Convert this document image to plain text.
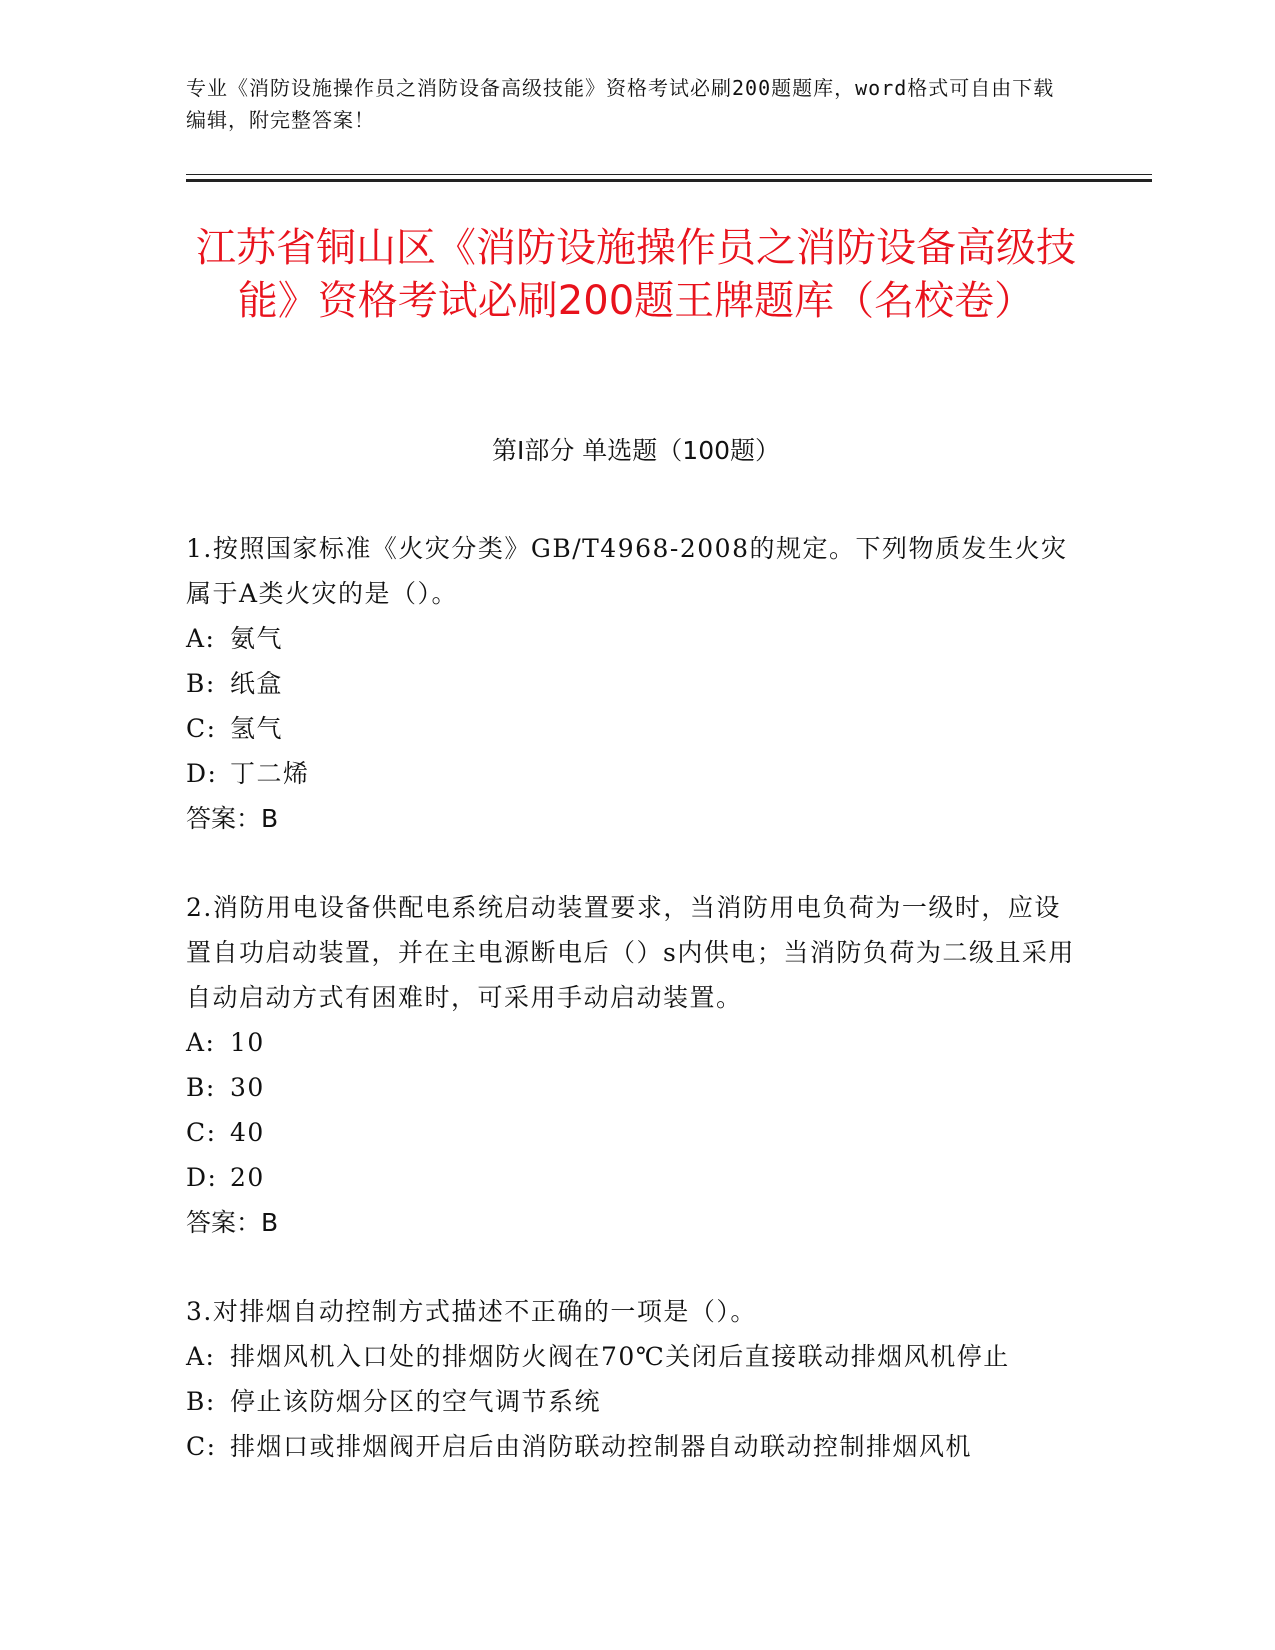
专业《消防设施操作员之消防设备高级技能》资格考试必刷200题题库，word格式可自由下载编辑，附完整答案！
江苏省铜山区《消防设施操作员之消防设备高级技能》资格考试必刷200题王牌题库（名校卷）
第I部分 单选题（100题）

1.按照国家标准《火灾分类》GB/T4968-2008的规定。下列物质发生火灾属于A类火灾的是（）。

A: 氨气
B: 纸盒
C: 氢气
D: 丁二烯
答案：B

2.消防用电设备供配电系统启动装置要求，当消防用电负荷为一级时，应设置自功启动装置，并在主电源断电后（）s内供电；当消防负荷为二级且采用自动启动方式有困难时，可采用手动启动装置。

A: 10
B: 30
C: 40
D: 20
答案：B

3.对排烟自动控制方式描述不正确的一项是（）。

A: 排烟风机入口处的排烟防火阀在70℃关闭后直接联动排烟风机停止
B: 停止该防烟分区的空气调节系统
C: 排烟口或排烟阀开启后由消防联动控制器自动联动控制排烟风机
